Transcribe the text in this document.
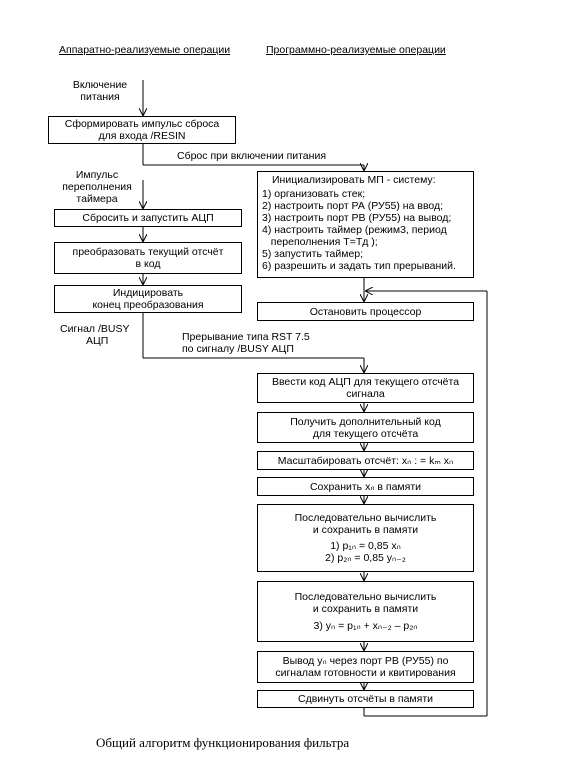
Аппаратно-реализуемые операции	Программно-реализуемые операции
Включение
питания
Сформировать импульс сброса
для входа /RESIN
Сброс при включении питания
Импульс
переполнения
таймера
Сбросить и запустить АЦП
преобразовать текущий отсчёт
в код
Индицировать
конец преобразования
Сигнал /BUSY
АЦП	Прерывание типа RST 7.5
по сигналу /BUSY АЦП
Инициализировать МП - систему:
1) организовать стек;
2) настроить порт РА (РУ55) на ввод;
3) настроить порт РВ (РУ55) на вывод;
4) настроить таймер (режим3, период
переполнения Т=Тд );
5) запустить таймер;
6) разрешить и задать тип прерываний.
Остановить процессор
Ввести код АЦП для текущего отсчёта
сигнала
Получить дополнительный код
для текущего отсчёта
Масштабировать отсчёт: xₙ : = kₘ xₙ
Сохранить xₙ в памяти
Последовательно вычислить
и сохранить в памяти
1) p₁ₙ = 0,85 xₙ
2) p₂ₙ = 0,85 yₙ₋₂
Последовательно вычислить
и сохранить в памяти
3) yₙ = p₁ₙ + xₙ₋₂ – p₂ₙ
Вывод yₙ через порт РВ (РУ55) по
сигналам готовности и квитирования
Сдвинуть отсчёты в памяти
Общий алгоритм функционирования фильтра
